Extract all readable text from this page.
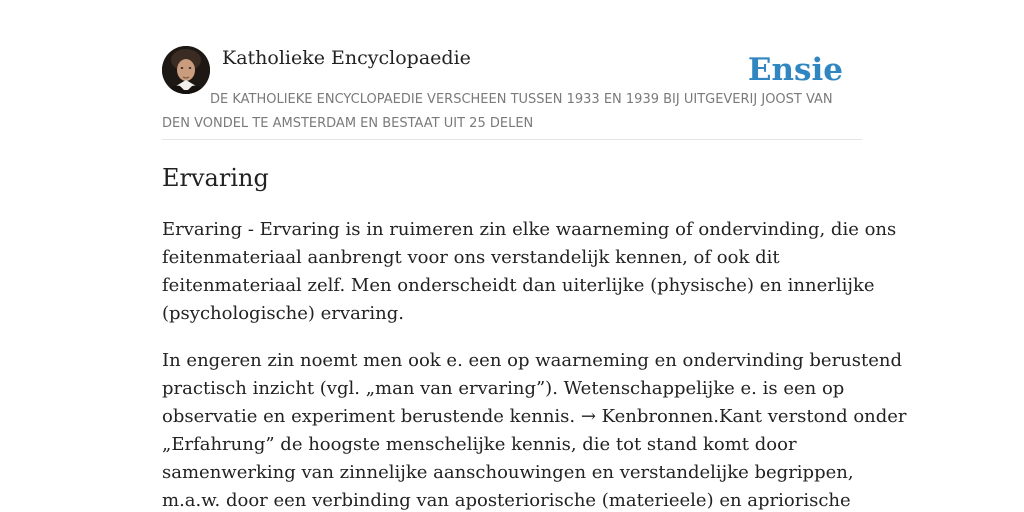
Katholieke Encyclopaedie	Ensie
DE KATHOLIEKE ENCYCLOPAEDIE VERSCHEEN TUSSEN 1933 EN 1939 BIJ UITGEVERIJ JOOST VAN
DEN VONDEL TE AMSTERDAM EN BESTAAT UIT 25 DELEN
Ervaring
Ervaring - Ervaring is in ruimeren zin elke waarneming of ondervinding, die ons
feitenmateriaal aanbrengt voor ons verstandelijk kennen, of ook dit
feitenmateriaal zelf. Men onderscheidt dan uiterlijke (physische) en innerlijke
(psychologische) ervaring.
In engeren zin noemt men ook e. een op waarneming en ondervinding berustend
practisch inzicht (vgl. „man van ervaring”). Wetenschappelijke e. is een op
observatie en experiment berustende kennis. → Kenbronnen.Kant verstond onder
„Erfahrung” de hoogste menschelijke kennis, die tot stand komt door
samenwerking van zinnelijke aanschouwingen en verstandelijke begrippen,
m.a.w. door een verbinding van aposteriorische (materieele) en apriorische
